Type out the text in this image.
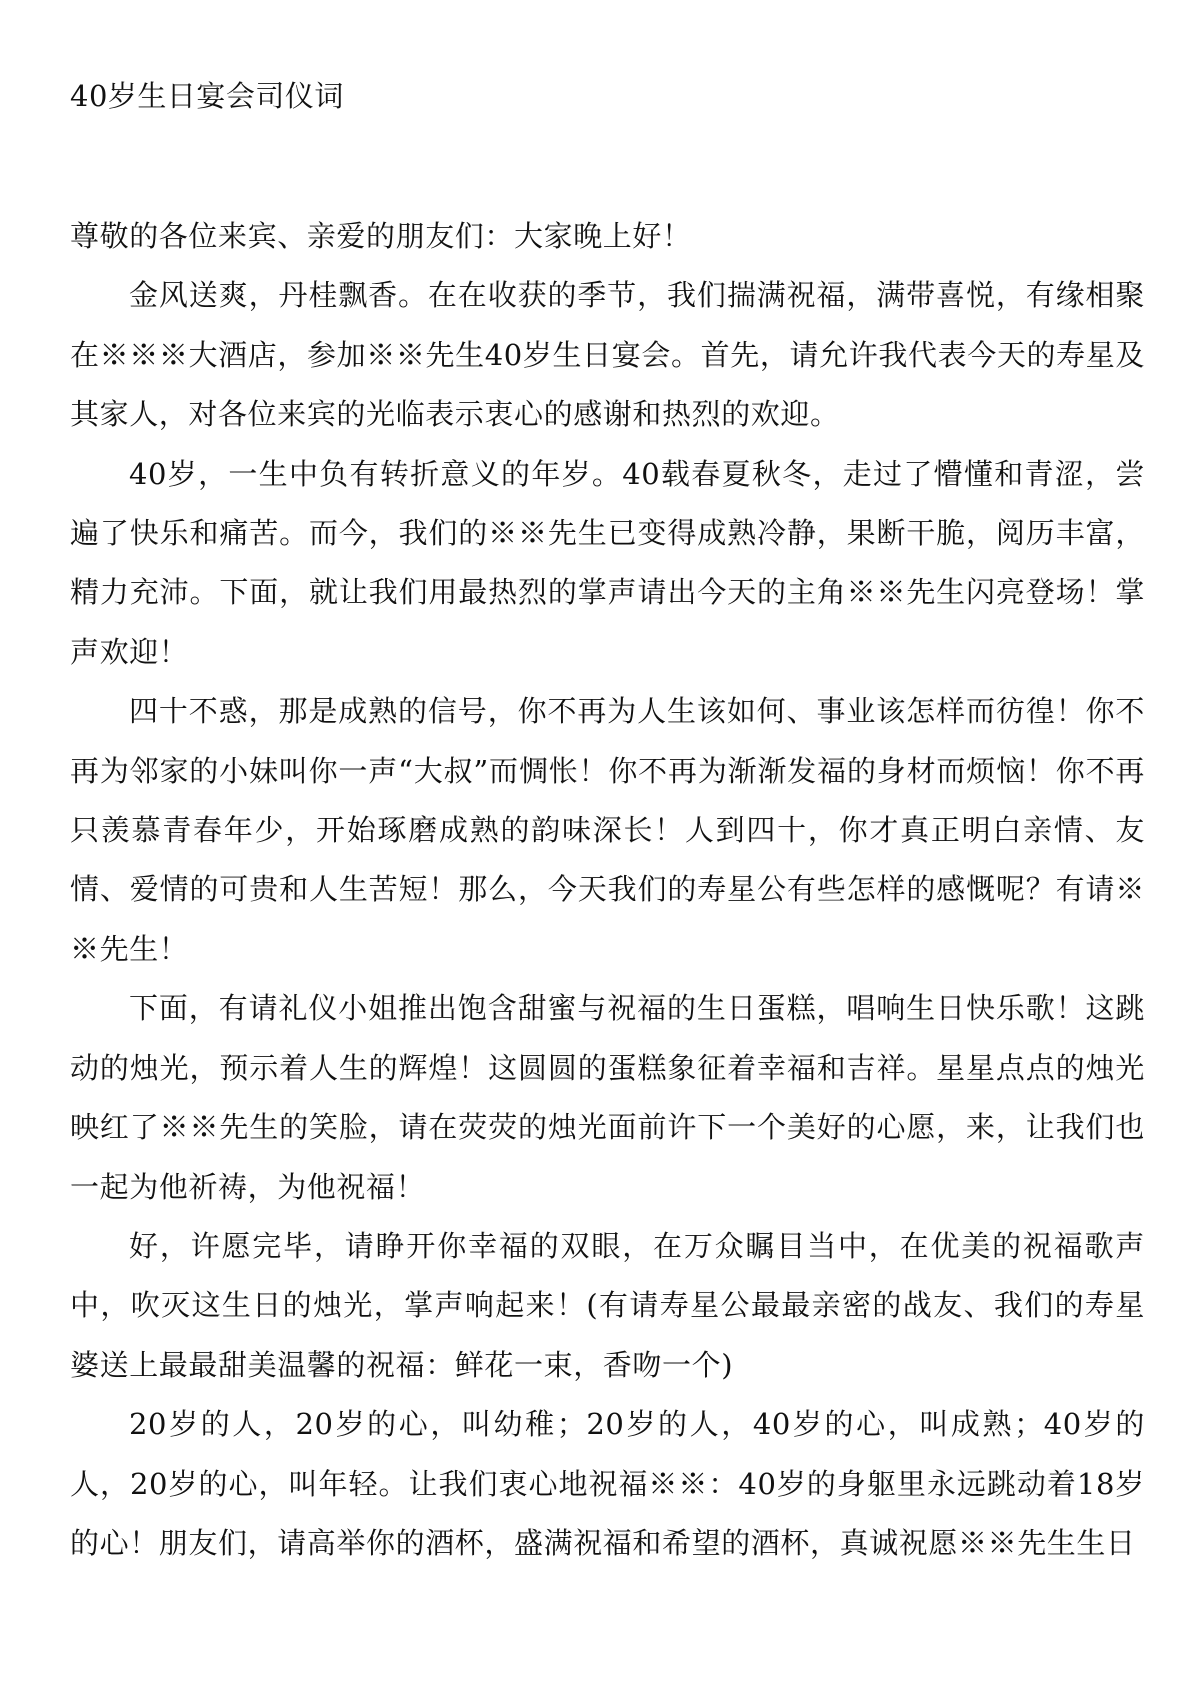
40岁生日宴会司仪词

尊敬的各位来宾、亲爱的朋友们：大家晚上好！

金风送爽，丹桂飘香。在在收获的季节，我们揣满祝福，满带喜悦，有缘相聚在※※※大酒店，参加※※先生40岁生日宴会。首先，请允许我代表今天的寿星及其家人，对各位来宾的光临表示衷心的感谢和热烈的欢迎。

40岁，一生中负有转折意义的年岁。40载春夏秋冬，走过了懵懂和青涩，尝遍了快乐和痛苦。而今，我们的※※先生已变得成熟冷静，果断干脆，阅历丰富，精力充沛。下面，就让我们用最热烈的掌声请出今天的主角※※先生闪亮登场！掌声欢迎！

四十不惑，那是成熟的信号，你不再为人生该如何、事业该怎样而彷徨！你不再为邻家的小妹叫你一声“大叔”而惆怅！你不再为渐渐发福的身材而烦恼！你不再只羡慕青春年少，开始琢磨成熟的韵味深长！人到四十，你才真正明白亲情、友情、爱情的可贵和人生苦短！那么，今天我们的寿星公有些怎样的感慨呢？有请※※先生！

下面，有请礼仪小姐推出饱含甜蜜与祝福的生日蛋糕，唱响生日快乐歌！这跳动的烛光，预示着人生的辉煌！这圆圆的蛋糕象征着幸福和吉祥。星星点点的烛光映红了※※先生的笑脸，请在荧荧的烛光面前许下一个美好的心愿，来，让我们也一起为他祈祷，为他祝福！

好，许愿完毕，请睁开你幸福的双眼，在万众瞩目当中，在优美的祝福歌声中，吹灭这生日的烛光，掌声响起来！(有请寿星公最最亲密的战友、我们的寿星婆送上最最甜美温馨的祝福：鲜花一束，香吻一个)

20岁的人，20岁的心，叫幼稚；20岁的人，40岁的心，叫成熟；40岁的人，20岁的心，叫年轻。让我们衷心地祝福※※：40岁的身躯里永远跳动着18岁的心！朋友们，请高举你的酒杯，盛满祝福和希望的酒杯，真诚祝愿※※先生生日
